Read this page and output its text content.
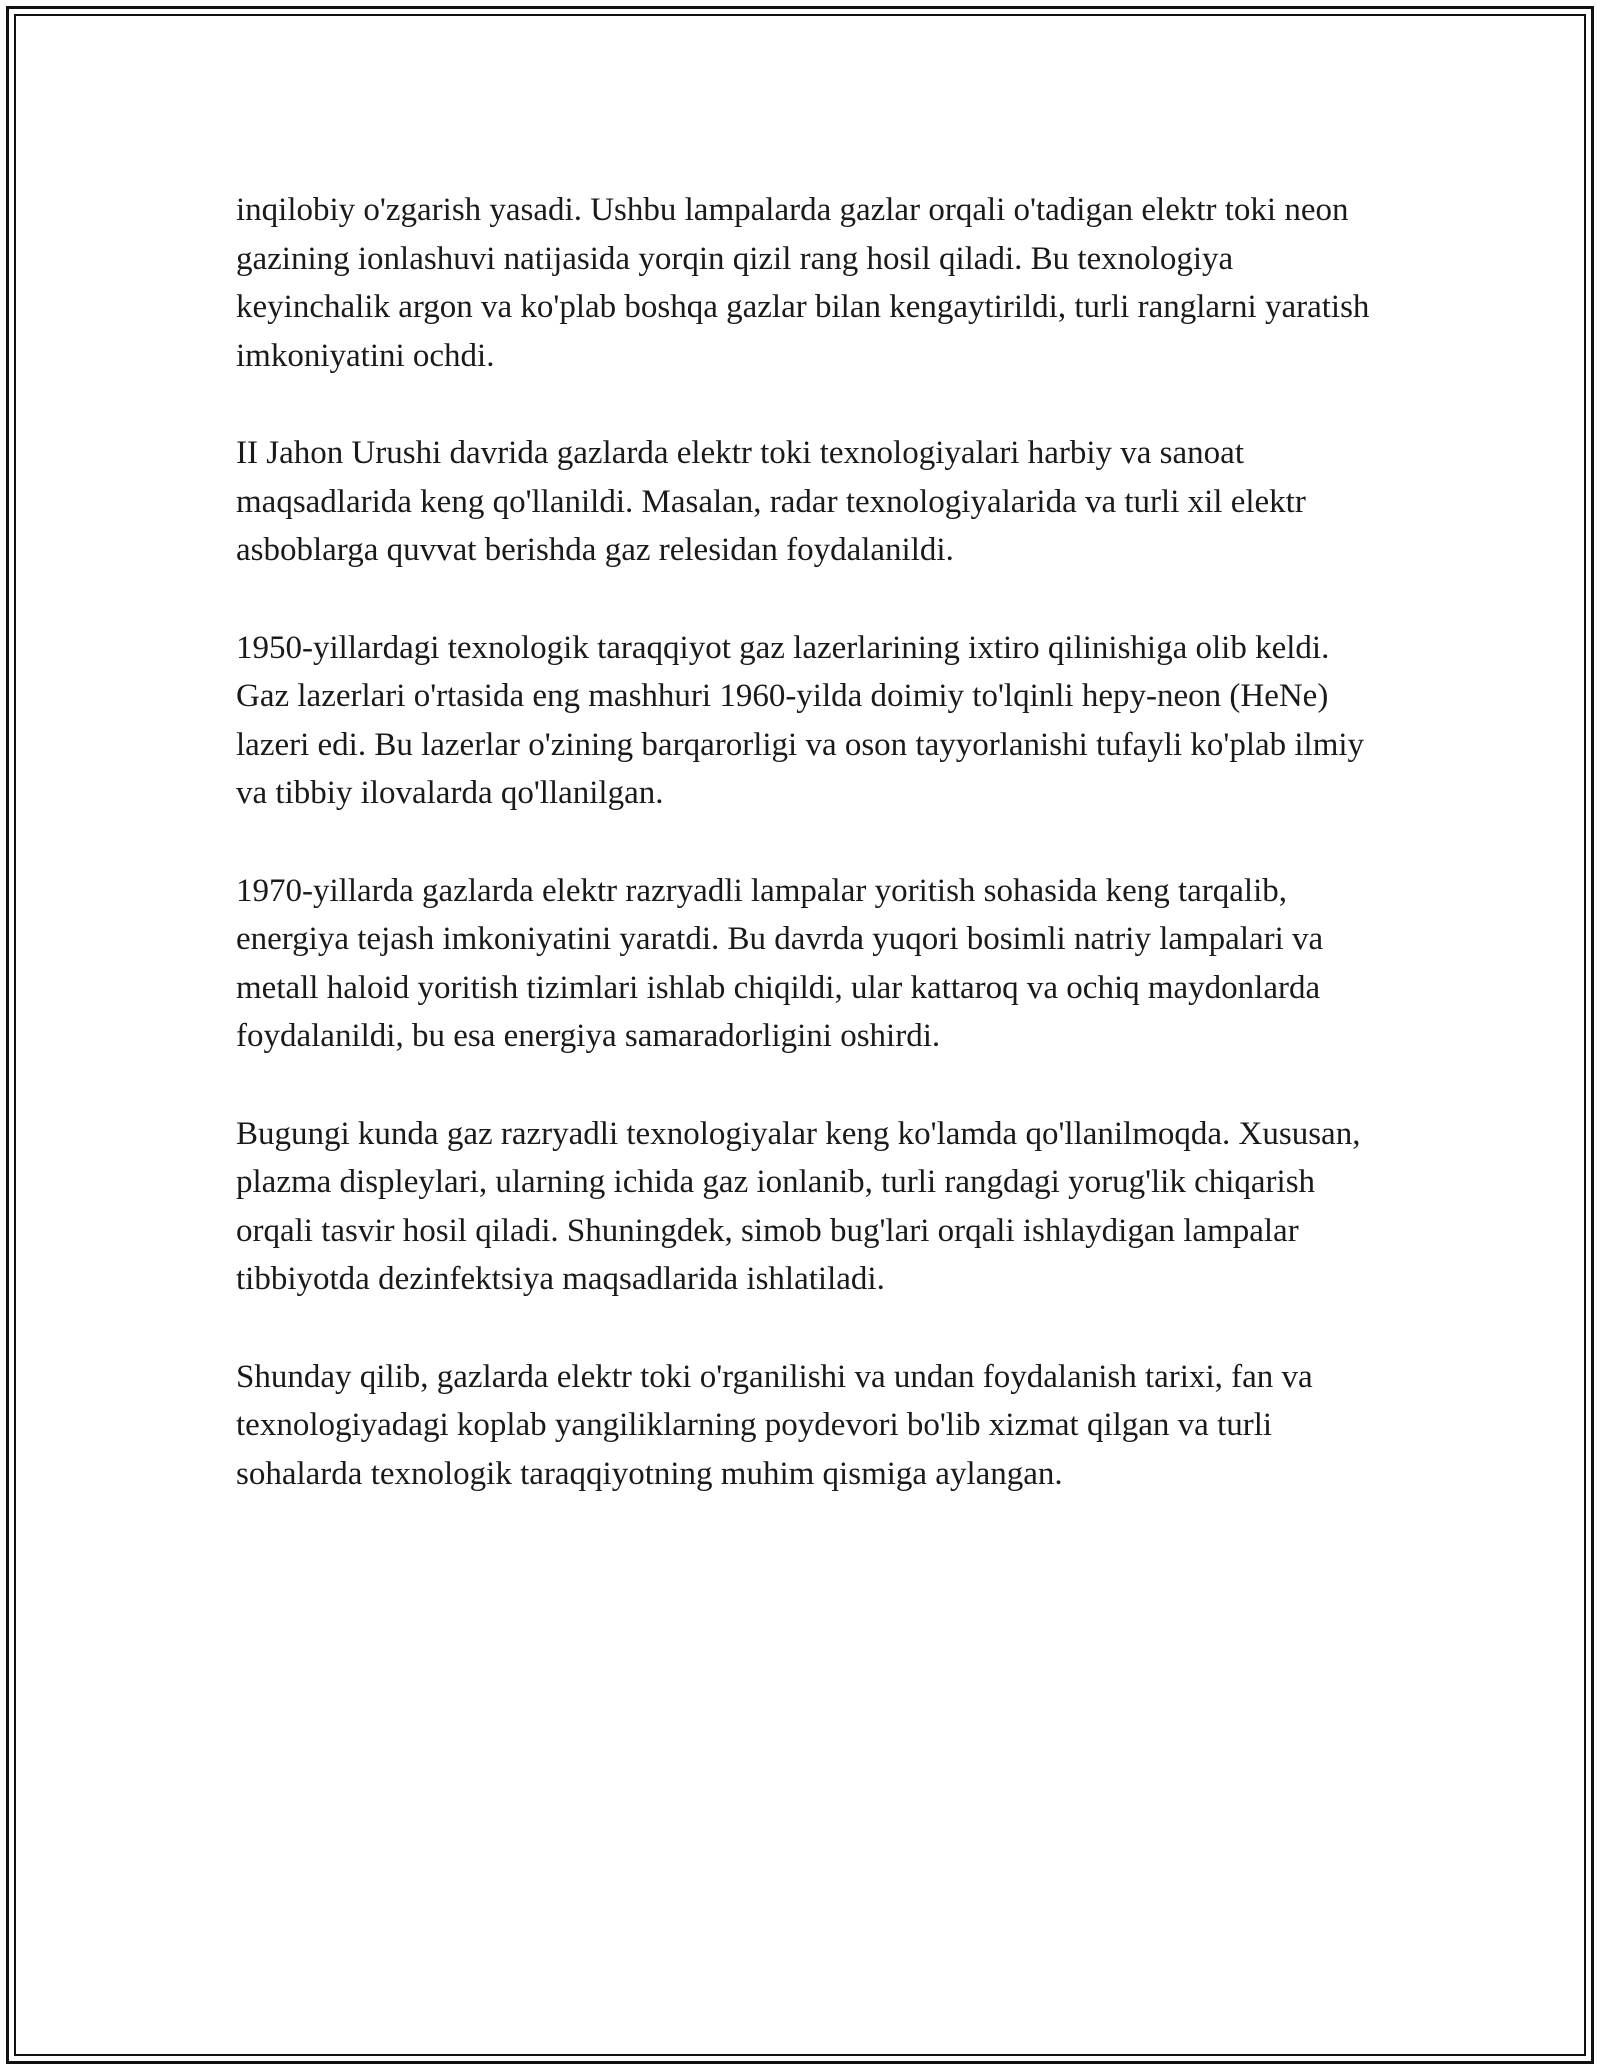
inqilobiy o'zgarish yasadi. Ushbu lampalarda gazlar orqali o'tadigan elektr toki neon gazining ionlashuvi natijasida yorqin qizil rang hosil qiladi. Bu texnologiya keyinchalik argon va ko'plab boshqa gazlar bilan kengaytirildi, turli ranglarni yaratish imkoniyatini ochdi.

II Jahon Urushi davrida gazlarda elektr toki texnologiyalari harbiy va sanoat maqsadlarida keng qo'llanildi. Masalan, radar texnologiyalarida va turli xil elektr asboblarga quvvat berishda gaz relesidan foydalanildi.

1950-yillardagi texnologik taraqqiyot gaz lazerlarining ixtiro qilinishiga olib keldi. Gaz lazerlari o'rtasida eng mashhuri 1960-yilda doimiy to'lqinli hepy-neon (HeNe) lazeri edi. Bu lazerlar o'zining barqarorligi va oson tayyorlanishi tufayli ko'plab ilmiy va tibbiy ilovalarda qo'llanilgan.

1970-yillarda gazlarda elektr razryadli lampalar yoritish sohasida keng tarqalib, energiya tejash imkoniyatini yaratdi. Bu davrda yuqori bosimli natriy lampalari va metall haloid yoritish tizimlari ishlab chiqildi, ular kattaroq va ochiq maydonlarda foydalanildi, bu esa energiya samaradorligini oshirdi.

Bugungi kunda gaz razryadli texnologiyalar keng ko'lamda qo'llanilmoqda. Xususan, plazma displeylari, ularning ichida gaz ionlanib, turli rangdagi yorug'lik chiqarish orqali tasvir hosil qiladi. Shuningdek, simob bug'lari orqali ishlaydigan lampalar tibbiyotda dezinfektsiya maqsadlarida ishlatiladi.

Shunday qilib, gazlarda elektr toki o'rganilishi va undan foydalanish tarixi, fan va texnologiyadagi koplab yangiliklarning poydevori bo'lib xizmat qilgan va turli sohalarda texnologik taraqqiyotning muhim qismiga aylangan.
